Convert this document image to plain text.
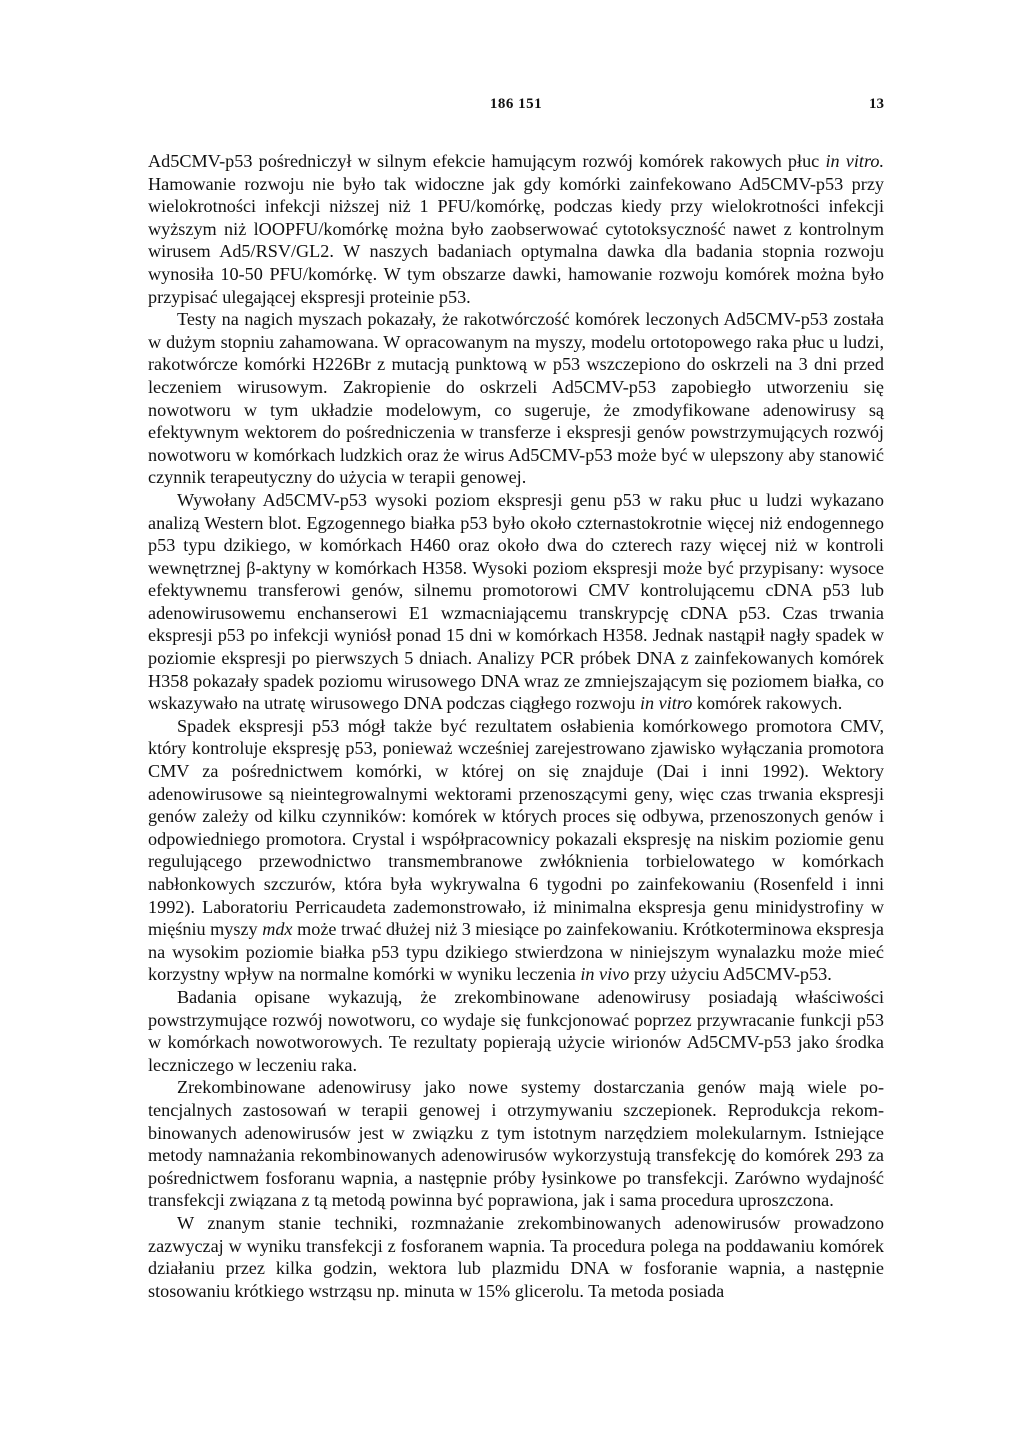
186 151	13

Ad5CMV-p53 pośredniczył w silnym efekcie hamującym rozwój komórek rakowych płuc in vitro. Hamowanie rozwoju nie było tak widoczne jak gdy komórki zainfekowano Ad5CMV-p53 przy wielokrotności infekcji niższej niż 1 PFU/komórkę, podczas kiedy przy wielokrotności infekcji wyższym niż lOOPFU/komórkę można było zaobserwować cytotoksyczność nawet z kontrolnym wirusem Ad5/RSV/GL2. W naszych badaniach optymalna dawka dla badania stopnia rozwoju wynosiła 10-50 PFU/komórkę. W tym obszarze dawki, hamowanie rozwoju komórek można było przypisać ulegającej ekspresji proteinie p53.

Testy na nagich myszach pokazały, że rakotwórczość komórek leczonych Ad5CMV-p53 została w dużym stopniu zahamowana. W opracowanym na myszy, modelu ortotopowego raka płuc u ludzi, rakotwórcze komórki H226Br z mutacją punktową w p53 wszczepiono do oskrzeli na 3 dni przed leczeniem wirusowym. Zakropienie do oskrzeli Ad5CMV-p53 zapobiegło utworzeniu się nowotworu w tym układzie modelowym, co sugeruje, że zmodyfikowane adenowirusy są efektywnym wektorem do pośredniczenia w transferze i ekspresji genów powstrzymujących rozwój nowotworu w komórkach ludzkich oraz że wirus Ad5CMV-p53 może być w ulepszony aby stanowić czynnik terapeutyczny do użycia w terapii genowej.

Wywołany Ad5CMV-p53 wysoki poziom ekspresji genu p53 w raku płuc u ludzi wykazano analizą Western blot. Egzogennego białka p53 było około czternastokrotnie więcej niż endogennego p53 typu dzikiego, w komórkach H460 oraz około dwa do czterech razy więcej niż w kontroli wewnętrznej β-aktyny w komórkach H358. Wysoki poziom ekspresji może być przypisany: wysoce efektywnemu transferowi genów, silnemu promotorowi CMV kontrolującemu cDNA p53 lub adenowirusowemu enchanserowi E1 wzmacniającemu transkrypcję cDNA p53. Czas trwania ekspresji p53 po infekcji wyniósł ponad 15 dni w komórkach H358. Jednak nastąpił nagły spadek w poziomie ekspresji po pierwszych 5 dniach. Analizy PCR próbek DNA z zainfekowanych komórek H358 pokazały spadek poziomu wirusowego DNA wraz ze zmniejszającym się poziomem białka, co wskazywało na utratę wirusowego DNA podczas ciągłego rozwoju in vitro komórek rakowych.

Spadek ekspresji p53 mógł także być rezultatem osłabienia komórkowego promotora CMV, który kontroluje ekspresję p53, ponieważ wcześniej zarejestrowano zjawisko wyłączania promotora CMV za pośrednictwem komórki, w której on się znajduje (Dai i inni 1992). Wektory adenowirusowe są nieintegrowalnymi wektorami przenoszącymi geny, więc czas trwania ekspresji genów zależy od kilku czynników: komórek w których proces się odbywa, przenoszonych genów i odpowiedniego promotora. Crystal i współpracownicy pokazali ekspresję na niskim poziomie genu regulującego przewodnictwo transmembranowe zwłóknienia torbielowatego w komórkach nabłonkowych szczurów, która była wykrywalna 6 tygodni po zainfekowaniu (Rosenfeld i inni 1992). Laboratoriu Perricaudeta zademonstrowało, iż minimalna ekspresja genu minidystrofiny w mięśniu myszy mdx może trwać dłużej niż 3 miesiące po zainfekowaniu. Krótkoterminowa ekspresja na wysokim poziomie białka p53 typu dzikiego stwierdzona w niniejszym wynalazku może mieć korzystny wpływ na normalne komórki w wyniku leczenia in vivo przy użyciu Ad5CMV-p53.

Badania opisane wykazują, że zrekombinowane adenowirusy posiadają właściwości powstrzymujące rozwój nowotworu, co wydaje się funkcjonować poprzez przywracanie funkcji p53 w komórkach nowotworowych. Te rezultaty popierają użycie wirionów Ad5CMV-p53 jako środka leczniczego w leczeniu raka.

Zrekombinowane adenowirusy jako nowe systemy dostarczania genów mają wiele potencjalnych zastosowań w terapii genowej i otrzymywaniu szczepionek. Reprodukcja rekombinowanych adenowirusów jest w związku z tym istotnym narzędziem molekularnym. Istniejące metody namnażania rekombinowanych adenowirusów wykorzystują transfekcję do komórek 293 za pośrednictwem fosforanu wapnia, a następnie próby łysinkowe po transfekcji. Zarówno wydajność transfekcji związana z tą metodą powinna być poprawiona, jak i sama procedura uproszczona.

W znanym stanie techniki, rozmnażanie zrekombinowanych adenowirusów prowadzono zazwyczaj w wyniku transfekcji z fosforanem wapnia. Ta procedura polega na poddawaniu komórek działaniu przez kilka godzin, wektora lub plazmidu DNA w fosforanie wapnia, a następnie stosowaniu krótkiego wstrząsu np. minuta w 15% glicerolu. Ta metoda posiada
